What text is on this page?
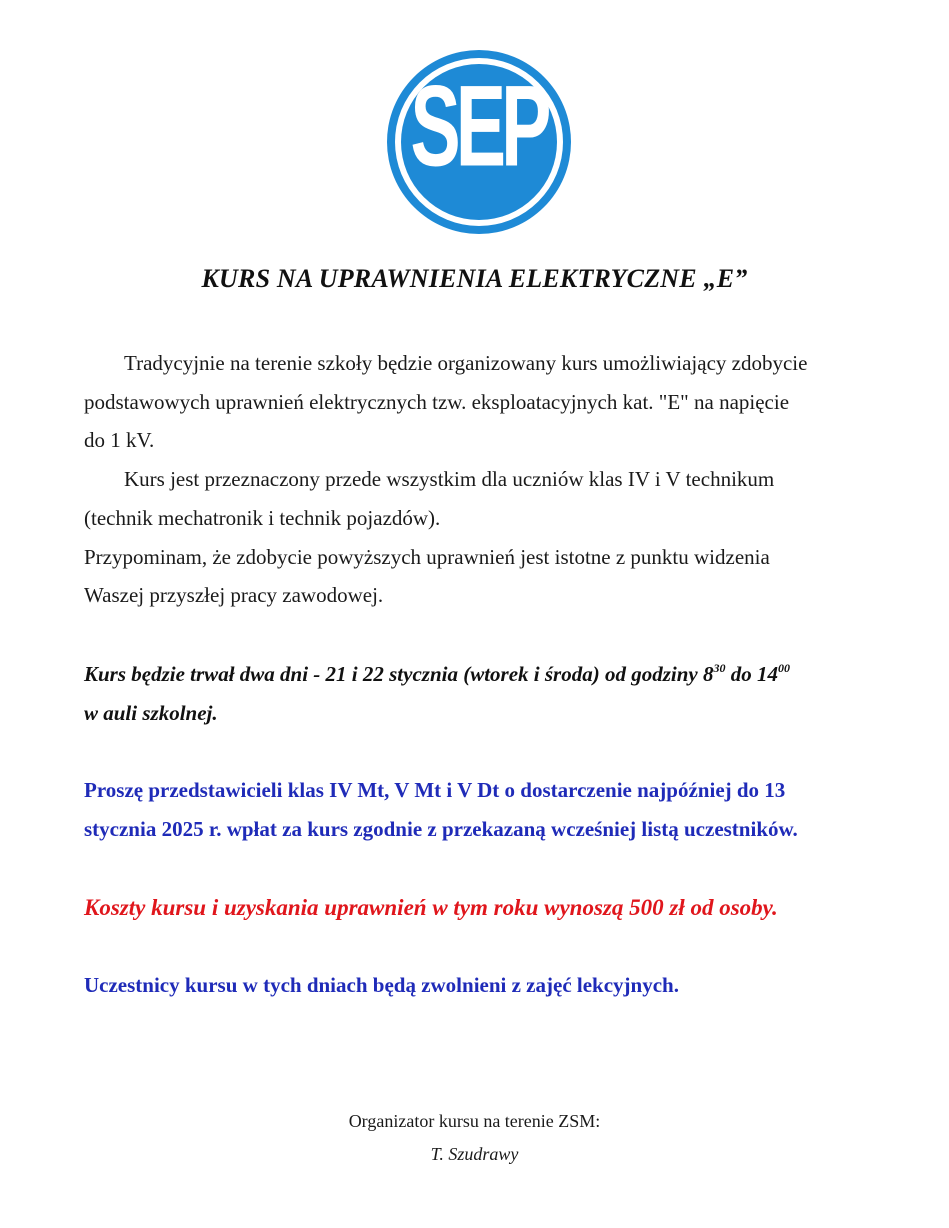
SEP
KURS NA UPRAWNIENIA ELEKTRYCZNE „E”
Tradycyjnie na terenie szkoły będzie organizowany kurs umożliwiający zdobycie
podstawowych uprawnień elektrycznych tzw. eksploatacyjnych kat. "E" na napięcie
do 1 kV.
Kurs jest przeznaczony przede wszystkim dla uczniów klas IV i V technikum
(technik mechatronik i technik pojazdów).
Przypominam, że zdobycie powyższych uprawnień jest istotne z punktu widzenia
Waszej przyszłej pracy zawodowej.
Kurs będzie trwał dwa dni - 21 i 22 stycznia (wtorek i środa) od godziny $8^{30}$ do $14^{00}$
w auli szkolnej.
Proszę przedstawicieli klas IV Mt, V Mt i V Dt o dostarczenie najpóźniej do 13
stycznia 2025 r. wpłat za kurs zgodnie z przekazaną wcześniej listą uczestników.
Koszty kursu i uzyskania uprawnień w tym roku wynoszą 500 zł od osoby.
Uczestnicy kursu w tych dniach będą zwolnieni z zajęć lekcyjnych.
Organizator kursu na terenie ZSM:
T. Szudrawy
